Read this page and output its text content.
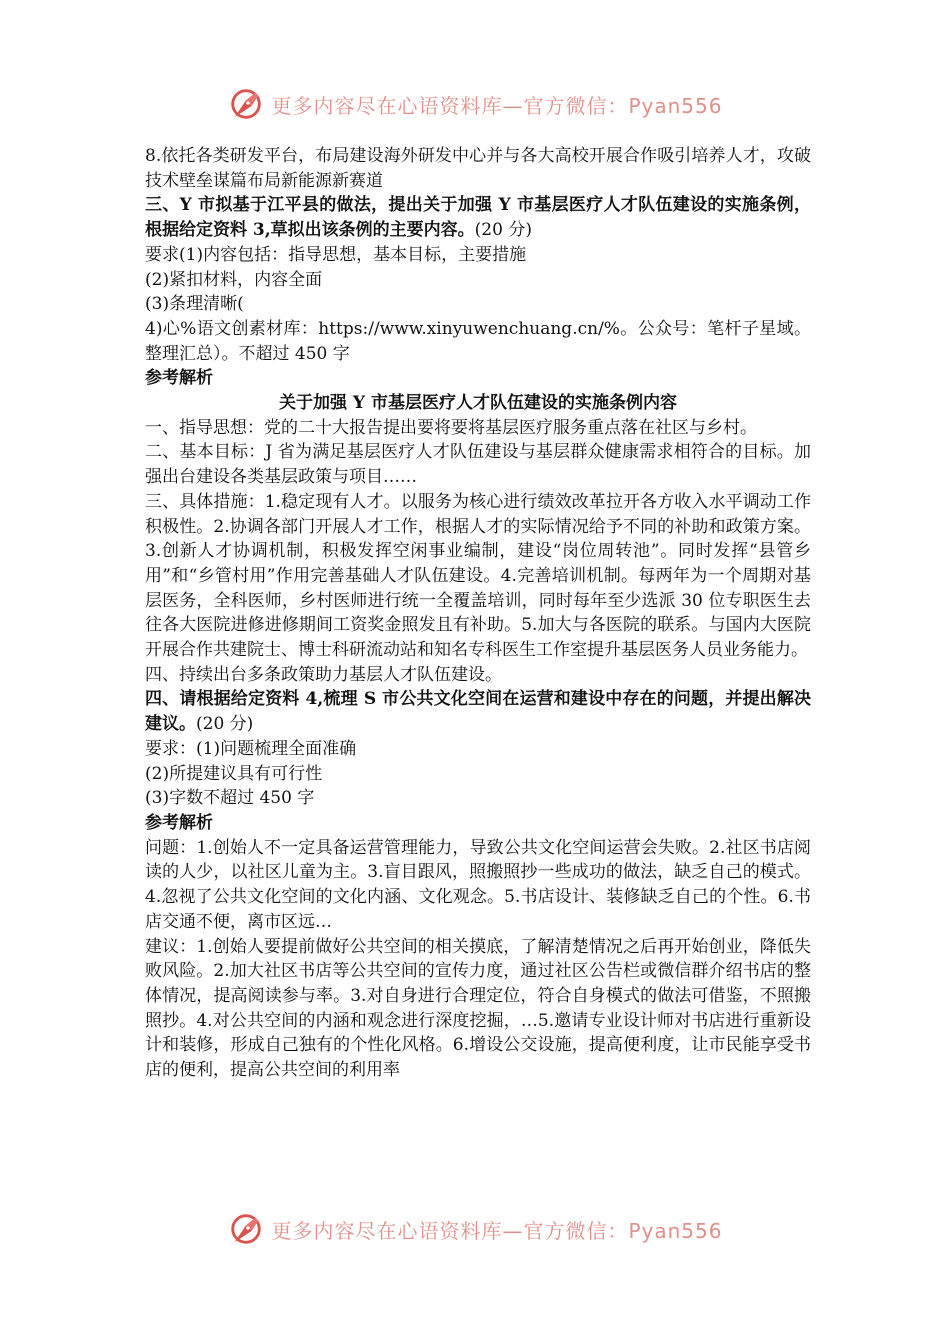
更多内容尽在心语资料库—官方微信：Pyan556

8.依托各类研发平台，布局建设海外研发中心并与各大高校开展合作吸引培养人才，攻破技术壁垒谋篇布局新能源新赛道

三、Y 市拟基于江平县的做法，提出关于加强 Y 市基层医疗人才队伍建设的实施条例，根据给定资料 3,草拟出该条例的主要内容。(20 分)

要求(1)内容包括：指导思想，基本目标，主要措施

(2)紧扣材料，内容全面

(3)条理清晰(

4)心%语文创素材库：https://www.xinyuwenchuang.cn/%。公众号：笔杆子星域。整理汇总）。不超过 450 字

参考解析

关于加强 Y 市基层医疗人才队伍建设的实施条例内容

一、指导思想：党的二十大报告提出要将要将基层医疗服务重点落在社区与乡村。

二、基本目标：J 省为满足基层医疗人才队伍建设与基层群众健康需求相符合的目标。加强出台建设各类基层政策与项目……

三、具体措施：1.稳定现有人才。以服务为核心进行绩效改革拉开各方收入水平调动工作积极性。2.协调各部门开展人才工作，根据人才的实际情况给予不同的补助和政策方案。3.创新人才协调机制，积极发挥空闲事业编制，建设“岗位周转池”。同时发挥“县管乡用”和“乡管村用”作用完善基础人才队伍建设。4.完善培训机制。每两年为一个周期对基层医务，全科医师，乡村医师进行统一全覆盖培训，同时每年至少选派 30 位专职医生去往各大医院进修进修期间工资奖金照发且有补助。5.加大与各医院的联系。与国内大医院开展合作共建院士、博士科研流动站和知名专科医生工作室提升基层医务人员业务能力。

四、持续出台多条政策助力基层人才队伍建设。

四、请根据给定资料 4,梳理 S 市公共文化空间在运营和建设中存在的问题，并提出解决建议。(20 分)

要求：(1)问题梳理全面准确

(2)所提建议具有可行性

(3)字数不超过 450 字

参考解析

问题：1.创始人不一定具备运营管理能力，导致公共文化空间运营会失败。2.社区书店阅读的人少，以社区儿童为主。3.盲目跟风，照搬照抄一些成功的做法，缺乏自己的模式。4.忽视了公共文化空间的文化内涵、文化观念。5.书店设计、装修缺乏自己的个性。6.书店交通不便，离市区远…

建议：1.创始人要提前做好公共空间的相关摸底，了解清楚情况之后再开始创业，降低失败风险。2.加大社区书店等公共空间的宣传力度，通过社区公告栏或微信群介绍书店的整体情况，提高阅读参与率。3.对自身进行合理定位，符合自身模式的做法可借鉴，不照搬照抄。4.对公共空间的内涵和观念进行深度挖掘，…5.邀请专业设计师对书店进行重新设计和装修，形成自己独有的个性化风格。6.增设公交设施，提高便利度，让市民能享受书店的便利，提高公共空间的利用率

更多内容尽在心语资料库—官方微信：Pyan556
